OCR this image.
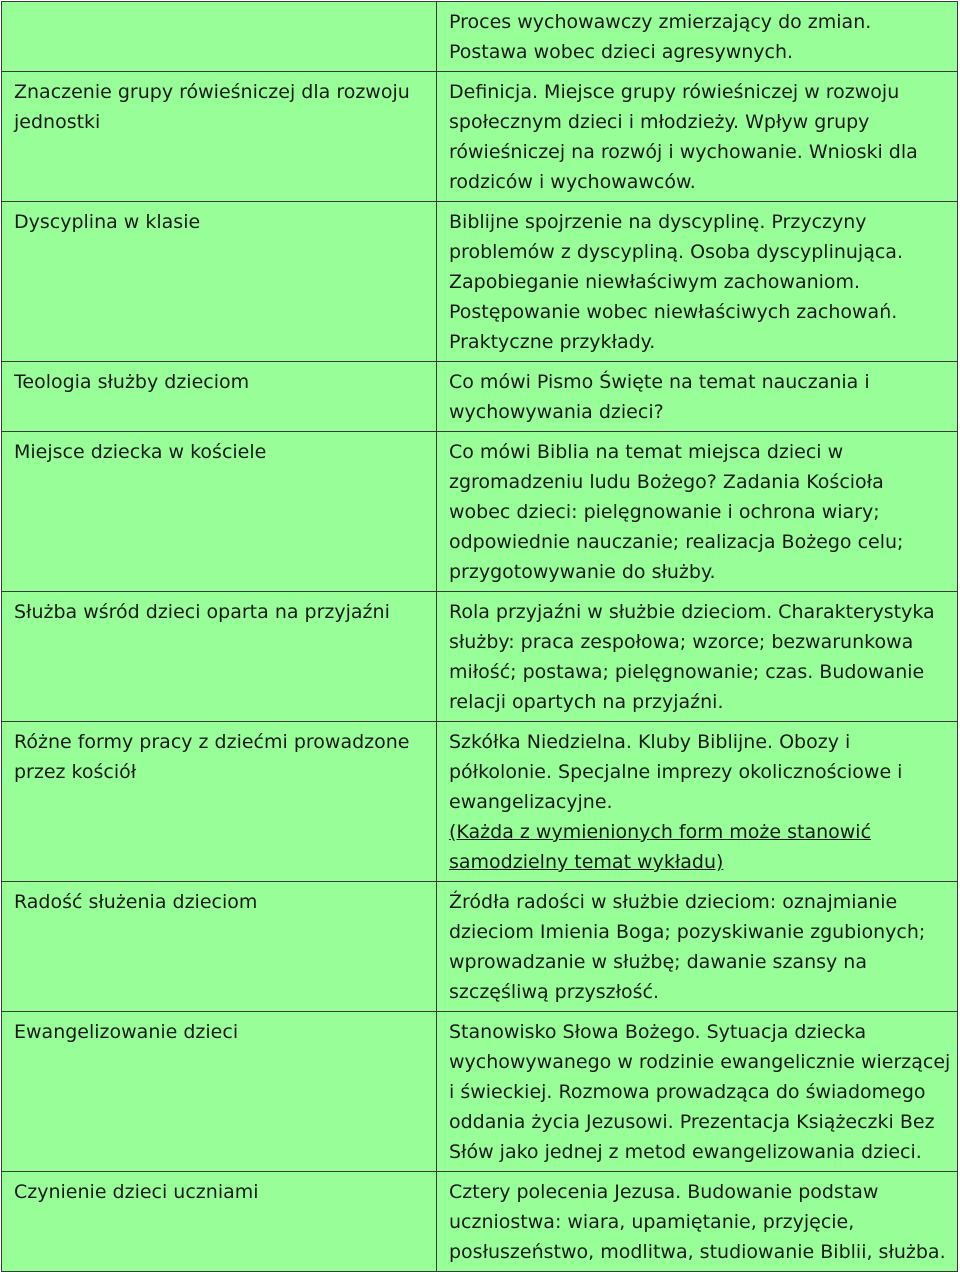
	Proces wychowawczy zmierzający do zmian. Postawa wobec dzieci agresywnych.

Znaczenie grupy rówieśniczej dla rozwoju jednostki	Definicja. Miejsce grupy rówieśniczej w rozwoju społecznym dzieci i młodzieży. Wpływ grupy rówieśniczej na rozwój i wychowanie. Wnioski dla rodziców i wychowawców.

Dyscyplina w klasie	Biblijne spojrzenie na dyscyplinę. Przyczyny problemów z dyscypliną. Osoba dyscyplinująca. Zapobieganie niewłaściwym zachowaniom. Postępowanie wobec niewłaściwych zachowań. Praktyczne przykłady.

Teologia służby dzieciom	Co mówi Pismo Święte na temat nauczania i wychowywania dzieci?

Miejsce dziecka w kościele	Co mówi Biblia na temat miejsca dzieci w zgromadzeniu ludu Bożego? Zadania Kościoła wobec dzieci: pielęgnowanie i ochrona wiary; odpowiednie nauczanie; realizacja Bożego celu; przygotowywanie do służby.

Służba wśród dzieci oparta na przyjaźni	Rola przyjaźni w służbie dzieciom. Charakterystyka służby: praca zespołowa; wzorce; bezwarunkowa miłość; postawa; pielęgnowanie; czas. Budowanie relacji opartych na przyjaźni.

Różne formy pracy z dziećmi prowadzone przez kościół	Szkółka Niedzielna. Kluby Biblijne. Obozy i półkolonie. Specjalne imprezy okolicznościowe i ewangelizacyjne.
(Każda z wymienionych form może stanowić samodzielny temat wykładu)

Radość służenia dzieciom	Źródła radości w służbie dzieciom: oznajmianie dzieciom Imienia Boga; pozyskiwanie zgubionych; wprowadzanie w służbę; dawanie szansy na szczęśliwą przyszłość.

Ewangelizowanie dzieci	Stanowisko Słowa Bożego. Sytuacja dziecka wychowywanego w rodzinie ewangelicznie wierzącej i świeckiej. Rozmowa prowadząca do świadomego oddania życia Jezusowi. Prezentacja Książeczki Bez Słów jako jednej z metod ewangelizowania dzieci.

Czynienie dzieci uczniami	Cztery polecenia Jezusa. Budowanie podstaw uczniostwa: wiara, upamiętanie, przyjęcie, posłuszeństwo, modlitwa, studiowanie Biblii, służba.
